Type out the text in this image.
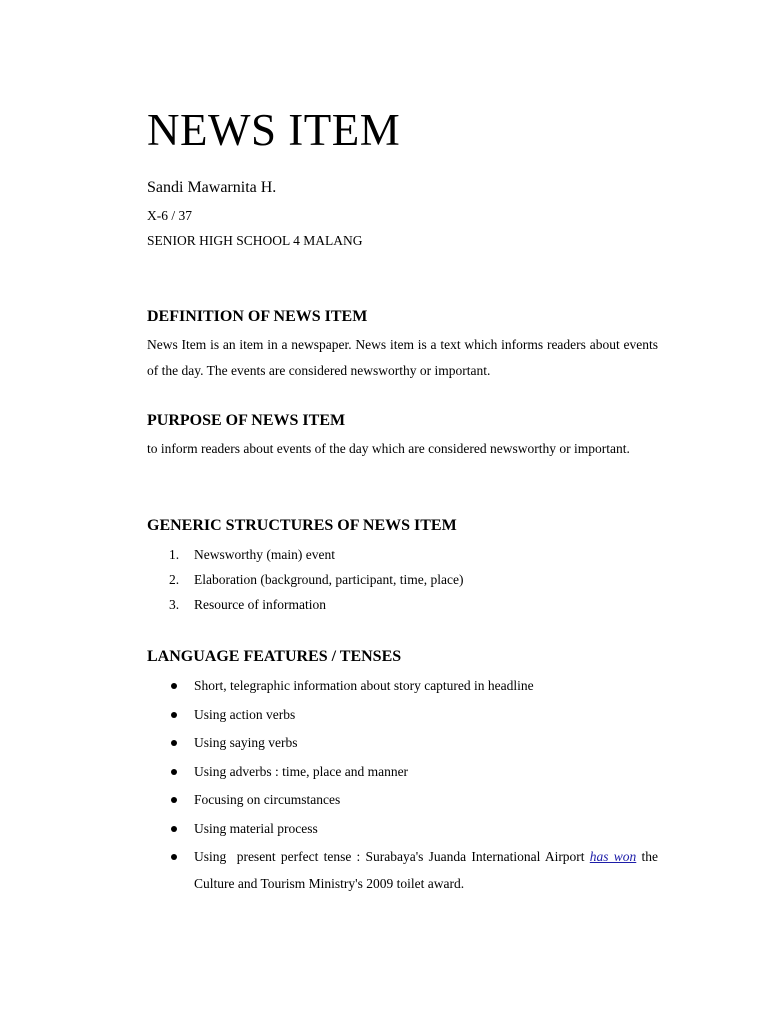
NEWS ITEM
Sandi Mawarnita H.
X-6 / 37
SENIOR HIGH SCHOOL 4 MALANG
DEFINITION OF NEWS ITEM

News Item is an item in a newspaper. News item is a text which informs readers about events of the day. The events are considered newsworthy or important.

PURPOSE OF NEWS ITEM

to inform readers about events of the day which are considered newsworthy or important.

GENERIC STRUCTURES OF NEWS ITEM
1. Newsworthy (main) event
2. Elaboration (background, participant, time, place)
3. Resource of information
LANGUAGE FEATURES / TENSES
Short, telegraphic information about story captured in headline
Using action verbs
Using saying verbs
Using adverbs : time, place and manner
Focusing on circumstances
Using material process
Using  present perfect tense : Surabaya's Juanda International Airport has won the Culture and Tourism Ministry's 2009 toilet award.
